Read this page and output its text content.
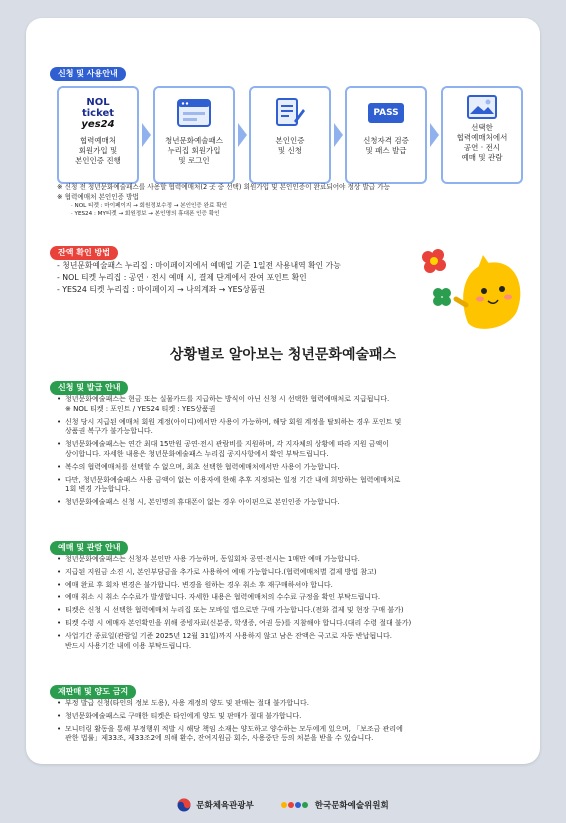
신청 및 사용안내
NOL ticket
yes24
협력예매처
회원가입 및
본인인증 진행
청년문화예술패스
누리집 회원가입
및 로그인
본인인증
및 신청
PASS
신청자격 검증
및 패스 발급
선택한
협력예매처에서
공연 · 전시
예매 및 관람
※ 신청 전 청년문화예술패스를 사용할 협력예매처(2 곳 중 선택) 회원가입 및 본인인증이 완료되어야 정상 발급 가능
※ 협력예매처 본인인증 방법
· NOL 티켓 : 마이페이지 → 회원정보수정 → 본인인증 완료 확인
· YES24 : MY티켓 → 회원정보 → 본인명의 휴대폰 인증 확인
잔액 확인 방법
- 청년문화예술패스 누리집 : 마이페이지에서 예매일 기준 1일전 사용내역 확인 가능
- NOL 티켓 누리집 : 공연 · 전시 예매 시, 결제 단계에서 잔여 포인트 확인
- YES24 티켓 누리집 : 마이페이지 → 나의계좌 → YES상품권
상황별로 알아보는 청년문화예술패스
신청 및 발급 안내
• 청년문화예술패스는 현금 또는 실물카드를 지급하는 방식이 아닌 신청 시 선택한 협력예매처로 지급됩니다.
※ NOL 티켓 : 포인트 / YES24 티켓 : YES상품권
• 신청 당시 지급된 예매처 회원 계정(아이디)에서만 사용이 가능하며, 해당 회원 계정을 탈퇴하는 경우 포인트 및
상품권 복구가 불가능합니다.
• 청년문화예술패스는 연간 최대 15만원 공연·전시 관람비를 지원하며, 각 지자체의 상황에 따라 지원 금액이
상이합니다. 자세한 내용은 청년문화예술패스 누리집 공지사항에서 확인 부탁드립니다.
• 복수의 협력예매처를 선택할 수 없으며, 최초 선택한 협력예매처에서만 사용이 가능합니다.
• 다만, 청년문화예술패스 사용 금액이 없는 이용자에 한해 추후 지정되는 일정 기간 내에 희망하는 협력예매처로
1회 변경 가능합니다.
• 청년문화예술패스 신청 시, 본인명의 휴대폰이 없는 경우 아이핀으로 본인인증 가능합니다.
예매 및 관람 안내
• 청년문화예술패스는 신청자 본인만 사용 가능하며, 동일회차 공연·전시는 1매만 예매 가능합니다.
• 지급된 지원금 소진 시, 본인부담금을 추가로 사용하여 예매 가능합니다.(협력예매처별 결제 방법 참고)
• 예매 완료 후 회차 변경은 불가합니다. 변경을 원하는 경우 취소 후 재구매하셔야 합니다.
• 예매 취소 시 취소 수수료가 발생합니다. 자세한 내용은 협력예매처의 수수료 규정을 확인 부탁드립니다.
• 티켓은 신청 시 선택한 협력예매처 누리집 또는 모바일 앱으로만 구매 가능합니다.(전화 결제 및 현장 구매 불가)
• 티켓 수령 시 예매자 본인확인을 위해 증빙자료(신분증, 학생증, 여권 등)를 지참해야 합니다.(대리 수령 절대 불가)
• 사업기간 종료일(관람일 기준 2025년 12월 31일)까지 사용하지 않고 남은 잔액은 국고로 자동 반납됩니다.
반드시 사용기간 내에 이용 부탁드립니다.
재판매 및 양도 금지
• 부정 발급 신청(타인의 정보 도용), 사용 계정의 양도 및 판매는 절대 불가합니다.
• 청년문화예술패스로 구매한 티켓은 타인에게 양도 및 판매가 절대 불가합니다.
• 모니터링 활동을 통해 부정행위 적발 시 해당 책임 소재는 양도하고 양수하는 모두에게 있으며, 「보조금 관리에
관한 법률」제33조, 제33조2에 의해 환수, 잔여지원금 회수, 사용중단 등의 처분을 받을 수 있습니다.
문화체육관광부	한국문화예술위원회
